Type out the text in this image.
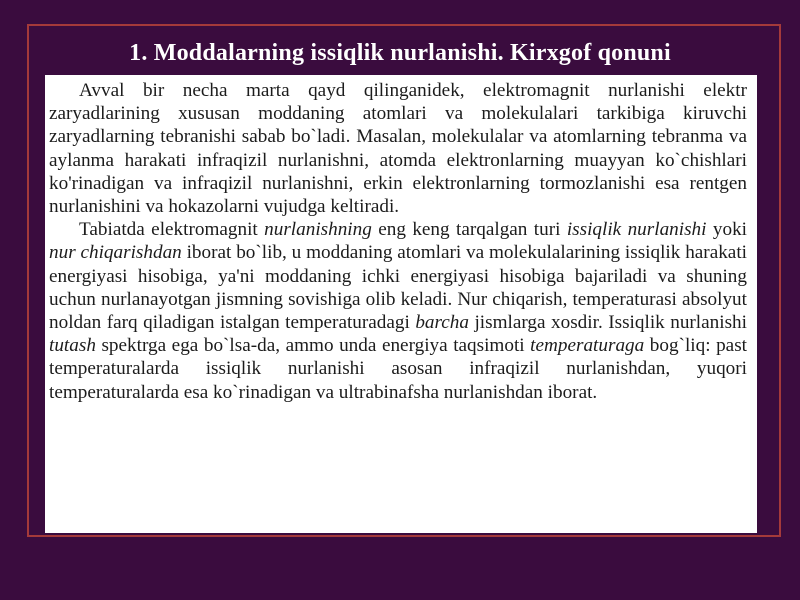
1. Moddalarning issiqlik nurlanishi. Kirxgof qonuni

Avval bir necha marta qayd qilinganidek, elektromagnit nurlanishi elektr zaryadlarining xususan moddaning atomlari va molekulalari tarkibiga kiruvchi zaryadlarning tebranishi sabab bo`ladi. Masalan, molekulalar va atomlarning tebranma va aylanma harakati infraqizil nurlanishni, atomda elektronlarning muayyan ko`chishlari ko'rinadigan va infraqizil nurlanishni, erkin elektronlarning tormozlanishi esa rentgen nurlanishini va hokazolarni vujudga keltiradi.

Tabiatda elektromagnit nurlanishning eng keng tarqalgan turi issiqlik nurlanishi yoki nur chiqarishdan iborat bo`lib, u moddaning atomlari va molekulalarining issiqlik harakati energiyasi hisobiga, ya'ni moddaning ichki energiyasi hisobiga bajariladi va shuning uchun nurlanayotgan jismning sovishiga olib keladi. Nur chiqarish, temperaturasi absolyut noldan farq qiladigan istalgan temperaturadagi barcha jismlarga xosdir. Issiqlik nurlanishi tutash spektrga ega bo`lsa-da, ammo unda energiya taqsimoti temperaturaga bog`liq: past temperaturalarda issiqlik nurlanishi asosan infraqizil nurlanishdan, yuqori temperaturalarda esa ko`rinadigan va ultrabinafsha nurlanishdan iborat.
